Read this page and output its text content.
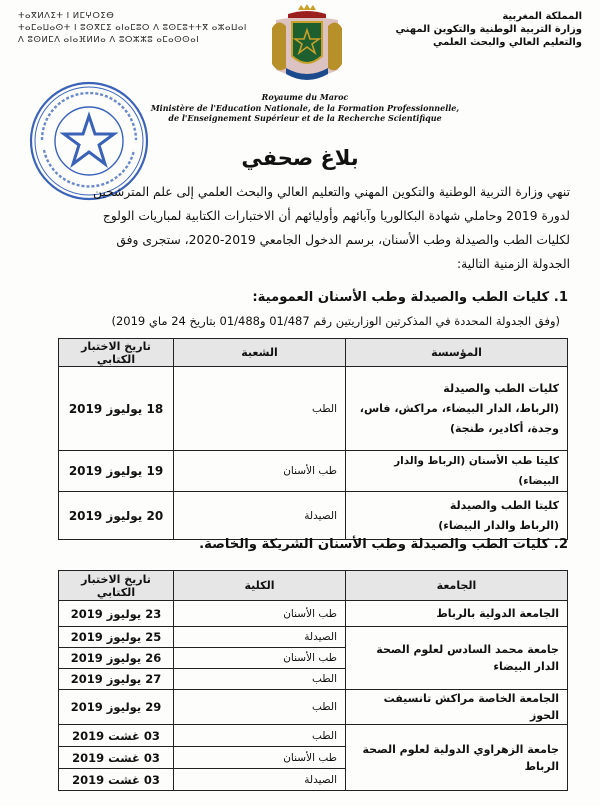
ⵜⴰⴳⵍⴷⵉⵜ ⵏ ⵍⵎⵖⵔⵉⴱ
ⵜⴰⵎⴰⵡⴰⵙⵜ ⵏ ⵓⵙⴳⵎⵉ ⴰⵏⴰⵎⵓⵔ ⴷ ⵓⵙⵎⵓⵜⵜⴳ ⴰⵣⴰⵡⴰⵏ
ⴷ ⵓⵙⵍⵎⴷ ⴰⵏⴰⴼⵍⵍⴰ ⴷ ⵓⵔⵣⵣⵓ ⴰⵎⴰⵙⵙⴰⵏ
المملكة المغربية
وزارة التربية الوطنية والتكوين المهني
والتعليم العالي والبحث العلمي
Royaume du Maroc
Ministère de l'Education Nationale, de la Formation Professionnelle,
de l'Enseignement Supérieur et de la Recherche Scientifique
بلاغ صحفي
تنهي وزارة التربية الوطنية والتكوين المهني والتعليم العالي والبحث العلمي إلى علم المترشحين
لدورة 2019 وحاملي شهادة البكالوريا وآبائهم وأوليائهم أن الاختبارات الكتابية لمباريات الولوج
لكليات الطب والصيدلة وطب الأسنان، برسم الدخول الجامعي 2019-2020، ستجرى وفق
الجدولة الزمنية التالية:
1. كليات الطب والصيدلة وطب الأسنان العمومية:
(وفق الجدولة المحددة في المذكرتين الوزاريتين رقم 01/487 و01/488 بتاريخ 24 ماي 2019)
المؤسسة	الشعبة	تاريخ الاختبار الكتابي

كليات الطب والصيدلة
(الرباط، الدار البيضاء، مراكش، فاس،
وجدة، أكادير، طنجة)	الطب	18 يوليوز 2019
كليتا طب الأسنان (الرباط والدار البيضاء)	طب الأسنان	19 يوليوز 2019

كليتا الطب والصيدلة
(الرباط والدار البيضاء)	الصيدلة	20 يوليوز 2019
2. كليات الطب والصيدلة وطب الأسنان الشريكة والخاصة.
الجامعة	الكلية	تاريخ الاختبار الكتابي
الجامعة الدولية بالرباط	طب الأسنان	23 يوليوز 2019

جامعة محمد السادس لعلوم الصحة
الدار البيضاء	الصيدلة	25 يوليوز 2019
	طب الأسنان	26 يوليوز 2019
	الطب	27 يوليوز 2019
الجامعة الخاصة مراكش تانسيفت الحوز	الطب	29 يوليوز 2019

جامعة الزهراوي الدولية لعلوم الصحة
الرباط	الطب	03 غشت 2019
	طب الأسنان	03 غشت 2019
	الصيدلة	03 غشت 2019
